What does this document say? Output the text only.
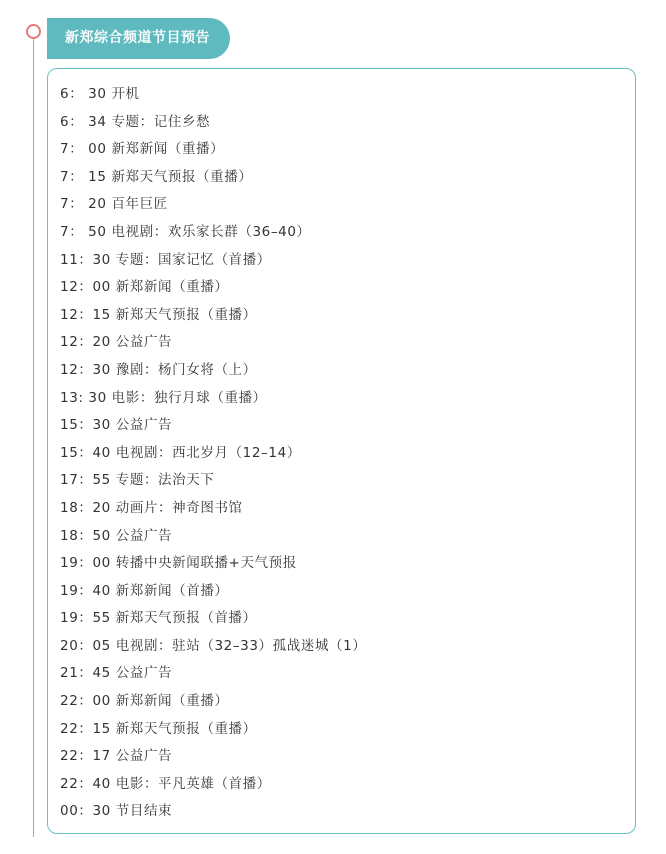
新郑综合频道节目预告
6： 30 开机
6： 34 专题：记住乡愁
7： 00 新郑新闻（重播）
7： 15 新郑天气预报（重播）
7： 20 百年巨匠
7： 50 电视剧：欢乐家长群（36–40）
11：30 专题：国家记忆（首播）
12：00 新郑新闻（重播）
12：15 新郑天气预报（重播）
12：20 公益广告
12：30 豫剧：杨门女将（上）
13: 30 电影：独行月球（重播）
15：30 公益广告
15：40 电视剧：西北岁月（12–14）
17：55 专题：法治天下
18：20 动画片：神奇图书馆
18：50 公益广告
19：00 转播中央新闻联播+天气预报
19：40 新郑新闻（首播）
19：55 新郑天气预报（首播）
20：05 电视剧：驻站（32–33）孤战迷城（1）
21：45 公益广告
22：00 新郑新闻（重播）
22：15 新郑天气预报（重播）
22：17 公益广告
22：40 电影：平凡英雄（首播）
00：30 节目结束
